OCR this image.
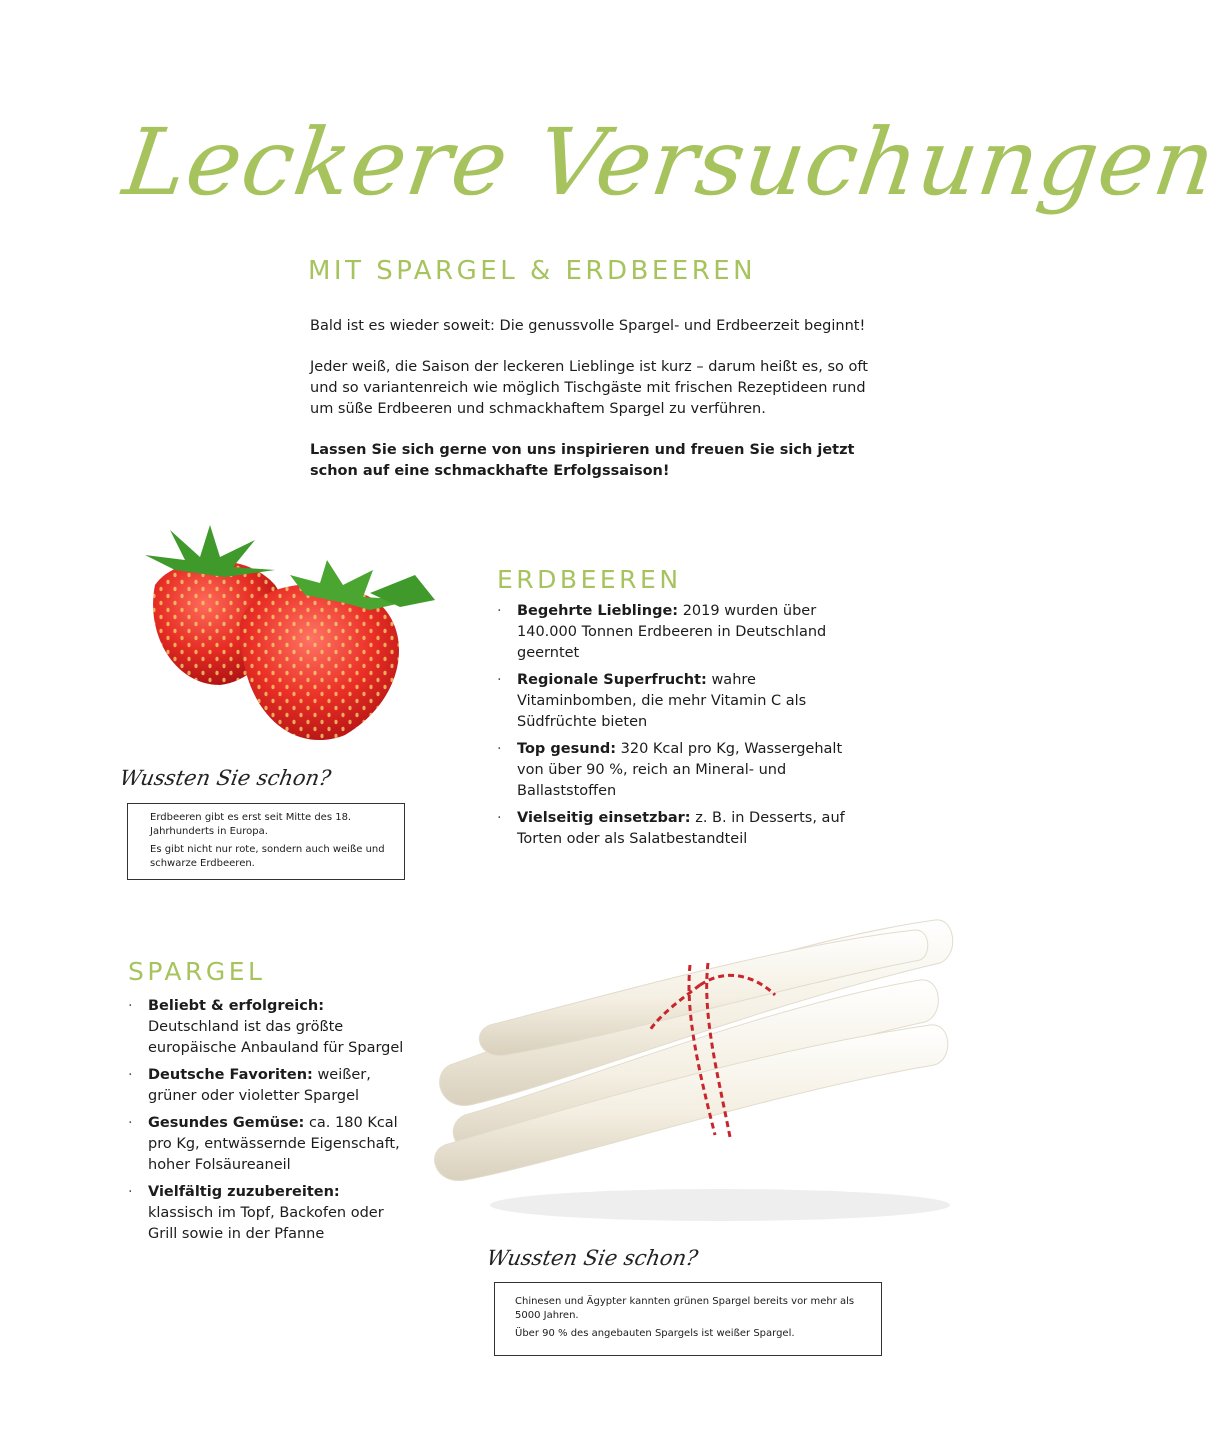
Leckere Versuchungen
MIT SPARGEL & ERDBEEREN

Bald ist es wieder soweit: Die genussvolle Spargel- und Erdbeerzeit beginnt!

Jeder weiß, die Saison der leckeren Lieblinge ist kurz – darum heißt es, so oft und so variantenreich wie möglich Tischgäste mit frischen Rezeptideen rund um süße Erdbeeren und schmackhaftem Spargel zu verführen.

Lassen Sie sich gerne von uns inspirieren und freuen Sie sich jetzt schon auf eine schmackhafte Erfolgssaison!

Wussten Sie schon?

Erdbeeren gibt es erst seit Mitte des 18. Jahrhunderts in Europa.

Es gibt nicht nur rote, sondern auch weiße und schwarze Erdbeeren.

ERDBEEREN
· Begehrte Lieblinge: 2019 wurden über 140.000 Tonnen Erdbeeren in Deutschland geerntet
· Regionale Superfrucht: wahre Vitaminbomben, die mehr Vitamin C als Südfrüchte bieten
· Top gesund: 320 Kcal pro Kg, Wassergehalt von über 90 %, reich an Mineral- und Ballaststoffen
· Vielseitig einsetzbar: z. B. in Desserts, auf Torten oder als Salatbestandteil
SPARGEL
· Beliebt & erfolgreich: Deutschland ist das größte europäische Anbauland für Spargel
· Deutsche Favoriten: weißer, grüner oder violetter Spargel
· Gesundes Gemüse: ca. 180 Kcal pro Kg, entwässernde Eigenschaft, hoher Folsäureaneil
· Vielfältig zuzubereiten: klassisch im Topf, Backofen oder Grill sowie in der Pfanne
Wussten Sie schon?

Chinesen und Ägypter kannten grünen Spargel bereits vor mehr als 5000 Jahren.

Über 90 % des angebauten Spargels ist weißer Spargel.
